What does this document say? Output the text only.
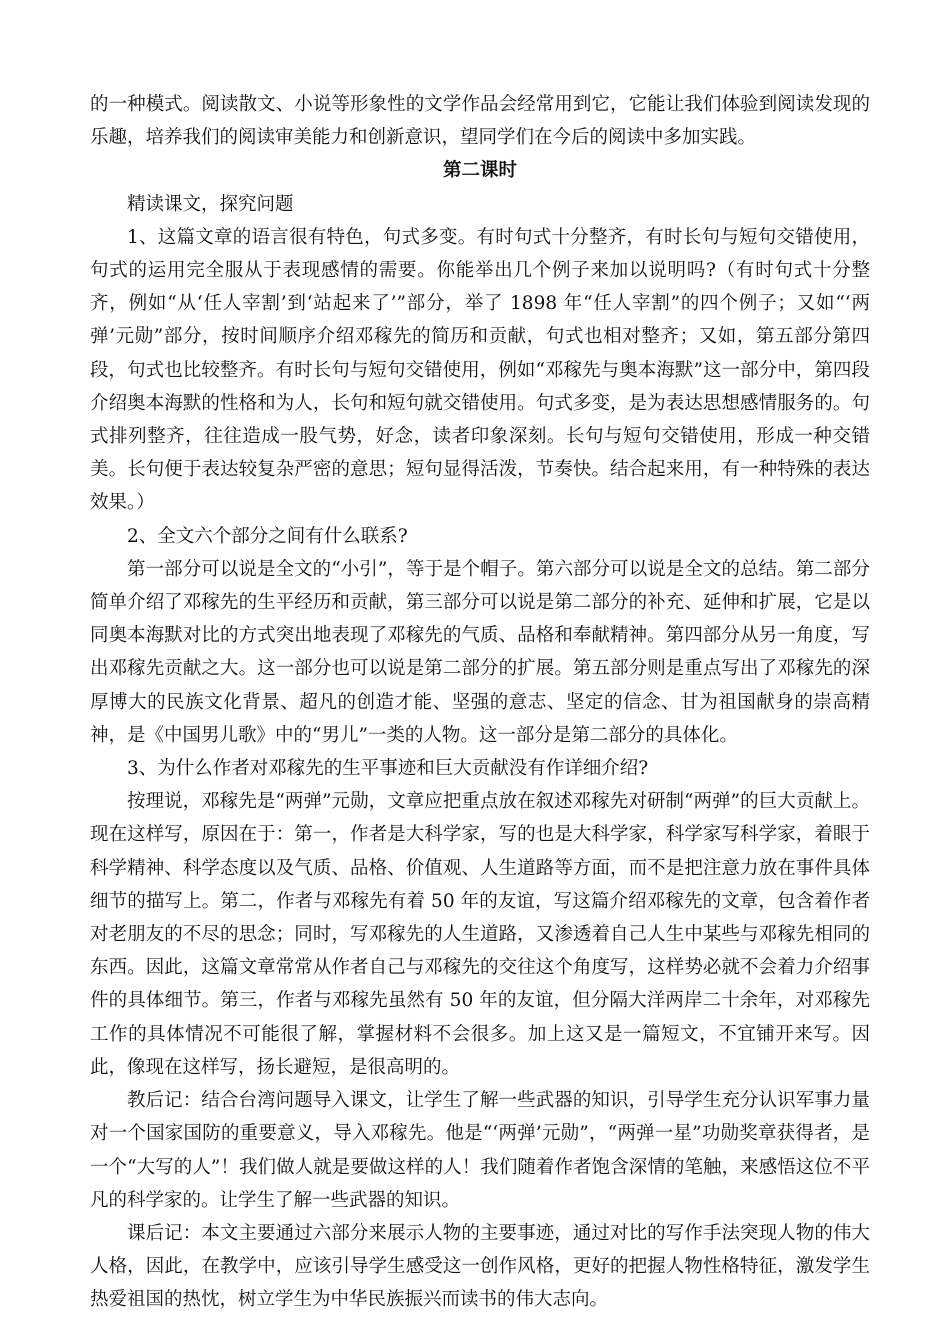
的一种模式。阅读散文、小说等形象性的文学作品会经常用到它，它能让我们体验到阅读发现的乐趣，培养我们的阅读审美能力和创新意识，望同学们在今后的阅读中多加实践。

第二课时

精读课文，探究问题

1、这篇文章的语言很有特色，句式多变。有时句式十分整齐，有时长句与短句交错使用，句式的运用完全服从于表现感情的需要。你能举出几个例子来加以说明吗?（有时句式十分整齐，例如“从‘任人宰割’到‘站起来了’”部分，举了 1898 年“任人宰割”的四个例子；又如“‘两弹’元勋”部分，按时间顺序介绍邓稼先的简历和贡献，句式也相对整齐；又如，第五部分第四段，句式也比较整齐。有时长句与短句交错使用，例如“邓稼先与奥本海默”这一部分中，第四段介绍奥本海默的性格和为人，长句和短句就交错使用。句式多变，是为表达思想感情服务的。句式排列整齐，往往造成一股气势，好念，读者印象深刻。长句与短句交错使用，形成一种交错美。长句便于表达较复杂严密的意思；短句显得活泼，节奏快。结合起来用，有一种特殊的表达效果。）

2、全文六个部分之间有什么联系?

第一部分可以说是全文的“小引”，等于是个帽子。第六部分可以说是全文的总结。第二部分简单介绍了邓稼先的生平经历和贡献，第三部分可以说是第二部分的补充、延伸和扩展，它是以同奥本海默对比的方式突出地表现了邓稼先的气质、品格和奉献精神。第四部分从另一角度，写出邓稼先贡献之大。这一部分也可以说是第二部分的扩展。第五部分则是重点写出了邓稼先的深厚博大的民族文化背景、超凡的创造才能、坚强的意志、坚定的信念、甘为祖国献身的崇高精神，是《中国男儿歌》中的“男儿”一类的人物。这一部分是第二部分的具体化。

3、为什么作者对邓稼先的生平事迹和巨大贡献没有作详细介绍?

按理说，邓稼先是“两弹”元勋，文章应把重点放在叙述邓稼先对研制“两弹”的巨大贡献上。现在这样写，原因在于：第一，作者是大科学家，写的也是大科学家，科学家写科学家，着眼于科学精神、科学态度以及气质、品格、价值观、人生道路等方面，而不是把注意力放在事件具体细节的描写上。第二，作者与邓稼先有着 50 年的友谊，写这篇介绍邓稼先的文章，包含着作者对老朋友的不尽的思念；同时，写邓稼先的人生道路，又渗透着自己人生中某些与邓稼先相同的东西。因此，这篇文章常常从作者自己与邓稼先的交往这个角度写，这样势必就不会着力介绍事件的具体细节。第三，作者与邓稼先虽然有 50 年的友谊，但分隔大洋两岸二十余年，对邓稼先工作的具体情况不可能很了解，掌握材料不会很多。加上这又是一篇短文，不宜铺开来写。因此，像现在这样写，扬长避短，是很高明的。

教后记：结合台湾问题导入课文，让学生了解一些武器的知识，引导学生充分认识军事力量对一个国家国防的重要意义，导入邓稼先。他是“‘两弹’元勋”，“两弹一星”功勋奖章获得者，是一个“大写的人”！我们做人就是要做这样的人！我们随着作者饱含深情的笔触，来感悟这位不平凡的科学家的。让学生了解一些武器的知识。

课后记：本文主要通过六部分来展示人物的主要事迹，通过对比的写作手法突现人物的伟大人格，因此，在教学中，应该引导学生感受这一创作风格，更好的把握人物性格特征，激发学生热爱祖国的热忱，树立学生为中华民族振兴而读书的伟大志向。
